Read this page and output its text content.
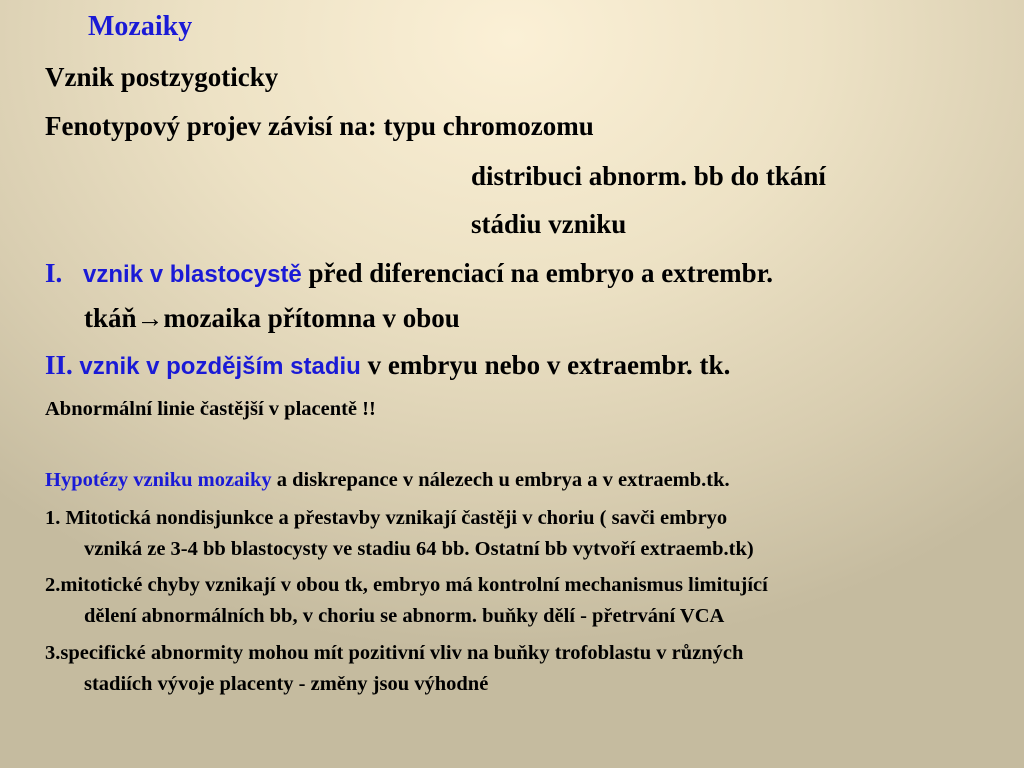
Mozaiky
Vznik postzygoticky
Fenotypový projev závisí na: typu chromozomu
distribuci abnorm. bb do tkání
stádiu vzniku
I. vznik v blastocystě před diferenciací na embryo a extrembr.
tkáň→mozaika přítomna v obou
II. vznik v pozdějším stadiu v embryu nebo v extraembr. tk.
Abnormální linie častější v placentě !!
Hypotézy vzniku mozaiky a diskrepance v nálezech u embrya a v extraemb.tk.
1. Mitotická nondisjunkce a přestavby vznikají častěji v choriu ( savči embryo
vzniká ze 3-4 bb blastocysty ve stadiu 64 bb. Ostatní bb vytvoří extraemb.tk)
2.mitotické chyby vznikají v obou tk, embryo má kontrolní mechanismus limitující
dělení abnormálních bb, v choriu se abnorm. buňky dělí - přetrvání VCA
3.specifické abnormity mohou mít pozitivní vliv na buňky trofoblastu v různých
stadiích vývoje placenty - změny jsou výhodné
